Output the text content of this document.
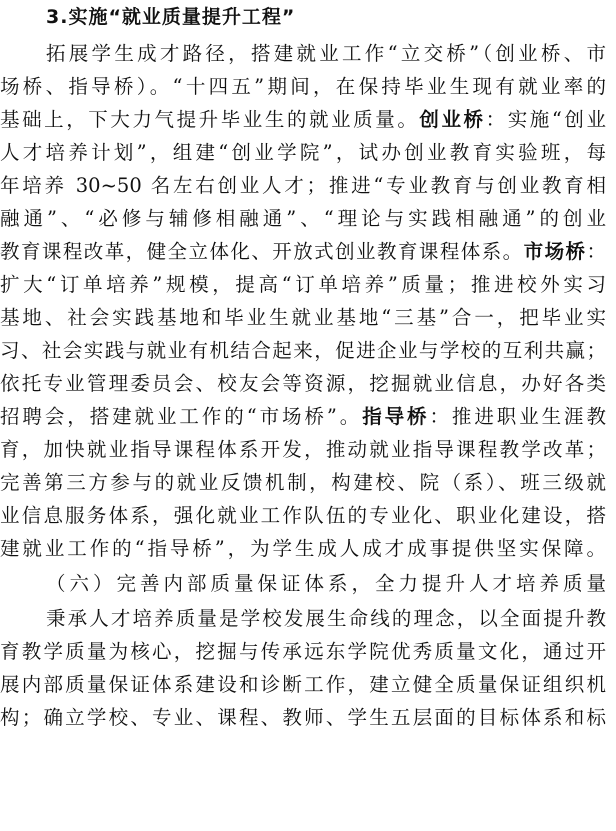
3.实施“就业质量提升工程”
拓展学生成才路径，搭建就业工作“立交桥”（创业桥、市
场桥、指导桥）。“十四五”期间，在保持毕业生现有就业率的
基础上，下大力气提升毕业生的就业质量。创业桥：实施“创业
人才培养计划”，组建“创业学院”，试办创业教育实验班，每
年培养 30~50 名左右创业人才；推进“专业教育与创业教育相
融通”、“必修与辅修相融通”、“理论与实践相融通”的创业
教育课程改革，健全立体化、开放式创业教育课程体系。市场桥：
扩大“订单培养”规模，提高“订单培养”质量；推进校外实习
基地、社会实践基地和毕业生就业基地“三基”合一，把毕业实
习、社会实践与就业有机结合起来，促进企业与学校的互利共赢；
依托专业管理委员会、校友会等资源，挖掘就业信息，办好各类
招聘会，搭建就业工作的“市场桥”。指导桥：推进职业生涯教
育，加快就业指导课程体系开发，推动就业指导课程教学改革；
完善第三方参与的就业反馈机制，构建校、院（系）、班三级就
业信息服务体系，强化就业工作队伍的专业化、职业化建设，搭
建就业工作的“指导桥”，为学生成人成才成事提供坚实保障。
（六）完善内部质量保证体系，全力提升人才培养质量
秉承人才培养质量是学校发展生命线的理念，以全面提升教
育教学质量为核心，挖掘与传承远东学院优秀质量文化，通过开
展内部质量保证体系建设和诊断工作，建立健全质量保证组织机
构；确立学校、专业、课程、教师、学生五层面的目标体系和标
